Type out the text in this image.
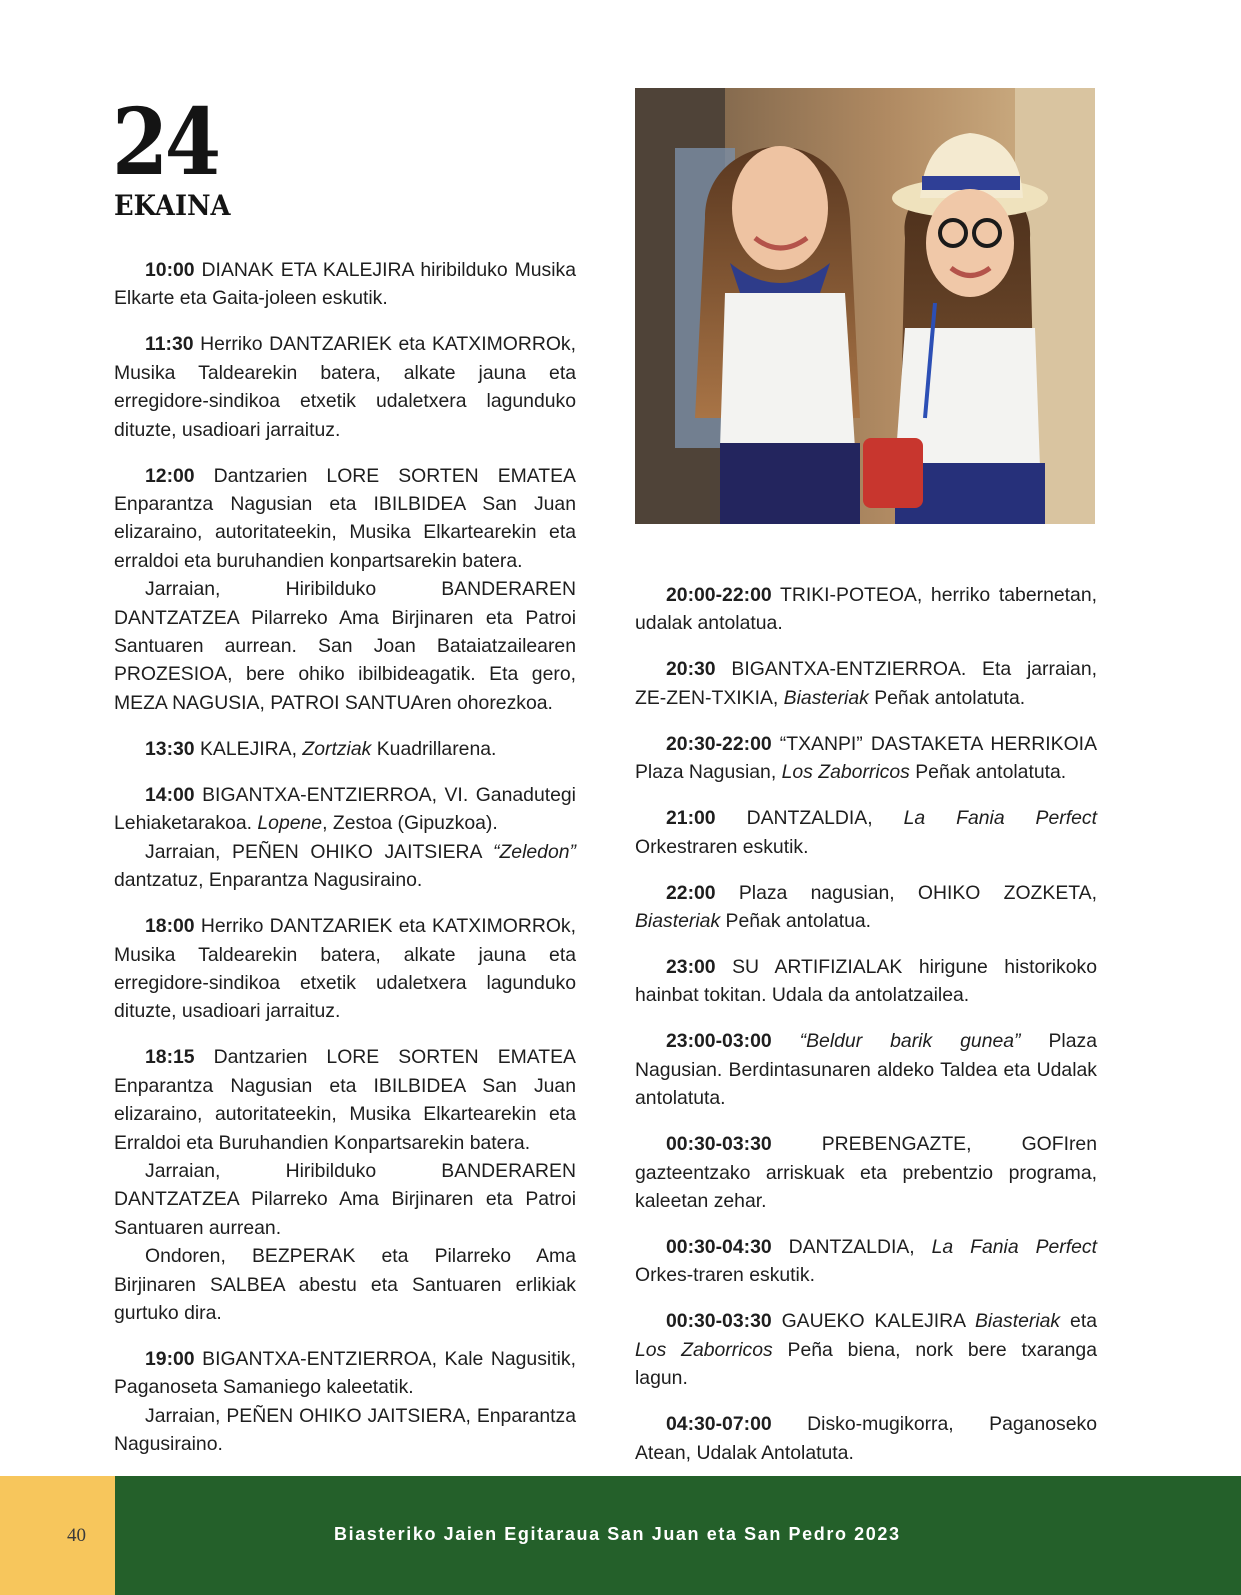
24
EKAINA

10:00 DIANAK ETA KALEJIRA hiribilduko Musika Elkarte eta Gaita-joleen eskutik.

11:30 Herriko DANTZARIEK eta KATXIMORROk, Musika Taldearekin batera, alkate jauna eta erregidore-sindikoa etxetik udaletxera lagunduko dituzte, usadioari jarraituz.

12:00 Dantzarien LORE SORTEN EMATEA Enparantza Nagusian eta IBILBIDEA San Juan elizaraino, autoritateekin, Musika Elkartearekin eta erraldoi eta buruhandien konpartsarekin batera.

Jarraian, Hiribilduko BANDERAREN DANTZATZEA Pilarreko Ama Birjinaren eta Patroi Santuaren aurrean. San Joan Bataiatzailearen PROZESIOA, bere ohiko ibilbideagatik. Eta gero, MEZA NAGUSIA, PATROI SANTUAren ohorezkoa.

13:30 KALEJIRA, Zortziak Kuadrillarena.

14:00 BIGANTXA-ENTZIERROA, VI. Ganadutegi Lehiaketarakoa. Lopene, Zestoa (Gipuzkoa).

Jarraian, PEÑEN OHIKO JAITSIERA “Zeledon” dantzatuz, Enparantza Nagusiraino.

18:00 Herriko DANTZARIEK eta KATXIMORROk, Musika Taldearekin batera, alkate jauna eta erregidore-sindikoa etxetik udaletxera lagunduko dituzte, usadioari jarraituz.

18:15 Dantzarien LORE SORTEN EMATEA Enparantza Nagusian eta IBILBIDEA San Juan elizaraino, autoritateekin, Musika Elkartearekin eta Erraldoi eta Buruhandien Konpartsarekin batera.

Jarraian, Hiribilduko BANDERAREN DANTZATZEA Pilarreko Ama Birjinaren eta Patroi Santuaren aurrean.

Ondoren, BEZPERAK eta Pilarreko Ama Birjinaren SALBEA abestu eta Santuaren erlikiak gurtuko dira.

19:00 BIGANTXA-ENTZIERROA, Kale Nagusitik, Paganoseta Samaniego kaleetatik.

Jarraian, PEÑEN OHIKO JAITSIERA, Enparantza Nagusiraino.

20:00-22:00 TRIKI-POTEOA, herriko tabernetan, udalak antolatua.

20:30 BIGANTXA-ENTZIERROA. Eta jarraian, ZE-ZEN-TXIKIA, Biasteriak Peñak antolatuta.

20:30-22:00 “TXANPI” DASTAKETA HERRIKOIA Plaza Nagusian, Los Zaborricos Peñak antolatuta.

21:00 DANTZALDIA, La Fania Perfect Orkestraren eskutik.

22:00 Plaza nagusian, OHIKO ZOZKETA, Biasteriak Peñak antolatua.

23:00 SU ARTIFIZIALAK hirigune historikoko hainbat tokitan. Udala da antolatzailea.

23:00-03:00 “Beldur barik gunea” Plaza Nagusian. Berdintasunaren aldeko Taldea eta Udalak antolatuta.

00:30-03:30 PREBENGAZTE, GOFIren gazteentzako arriskuak eta prebentzio programa, kaleetan zehar.

00:30-04:30 DANTZALDIA, La Fania Perfect Orkes-traren eskutik.

00:30-03:30 GAUEKO KALEJIRA Biasteriak eta Los Zaborricos Peña biena, nork bere txaranga lagun.

04:30-07:00 Disko-mugikorra, Paganoseko Atean, Udalak Antolatuta.

40	Biasteriko Jaien Egitaraua San Juan eta San Pedro 2023
